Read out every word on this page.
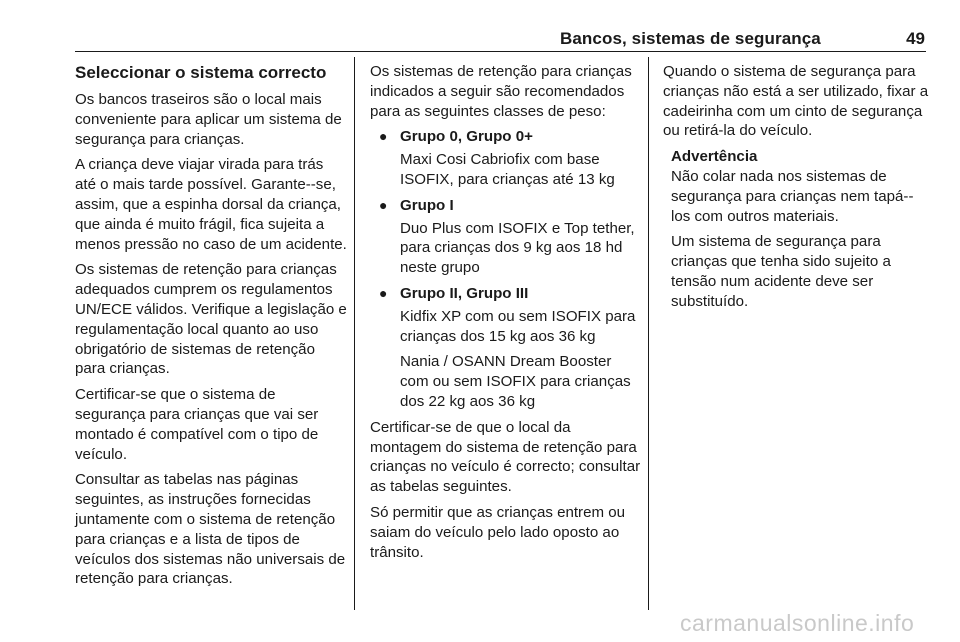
Bancos, sistemas de segurança	49
Seleccionar o sistema correcto

Os bancos traseiros são o local mais conveniente para aplicar um sistema de segurança para crianças.

A criança deve viajar virada para trás até o mais tarde possível. Garante--se, assim, que a espinha dorsal da criança, que ainda é muito frágil, fica sujeita a menos pressão no caso de um acidente.

Os sistemas de retenção para crianças adequados cumprem os regulamentos UN/ECE válidos. Verifique a legislação e regulamentação local quanto ao uso obrigatório de sistemas de retenção para crianças.

Certificar-se que o sistema de segurança para crianças que vai ser montado é compatível com o tipo de veículo.

Consultar as tabelas nas páginas seguintes, as instruções fornecidas juntamente com o sistema de retenção para crianças e a lista de tipos de veículos dos sistemas não universais de retenção para crianças.

Os sistemas de retenção para crianças indicados a seguir são recomendados para as seguintes classes de peso:

● Grupo 0, Grupo 0+

Maxi Cosi Cabriofix com base ISOFIX, para crianças até 13 kg

● Grupo I

Duo Plus com ISOFIX e Top tether, para crianças dos 9 kg aos 18 hd neste grupo

● Grupo II, Grupo III

Kidfix XP com ou sem ISOFIX para crianças dos 15 kg aos 36 kg

Nania / OSANN Dream Booster com ou sem ISOFIX para crianças dos 22 kg aos 36 kg

Certificar-se de que o local da montagem do sistema de retenção para crianças no veículo é correcto; consultar as tabelas seguintes.

Só permitir que as crianças entrem ou saiam do veículo pelo lado oposto ao trânsito.

Quando o sistema de segurança para crianças não está a ser utilizado, fixar a cadeirinha com um cinto de segurança ou retirá-la do veículo.

Advertência

Não colar nada nos sistemas de segurança para crianças nem tapá--los com outros materiais.

Um sistema de segurança para crianças que tenha sido sujeito a tensão num acidente deve ser substituído.

carmanualsonline.info
